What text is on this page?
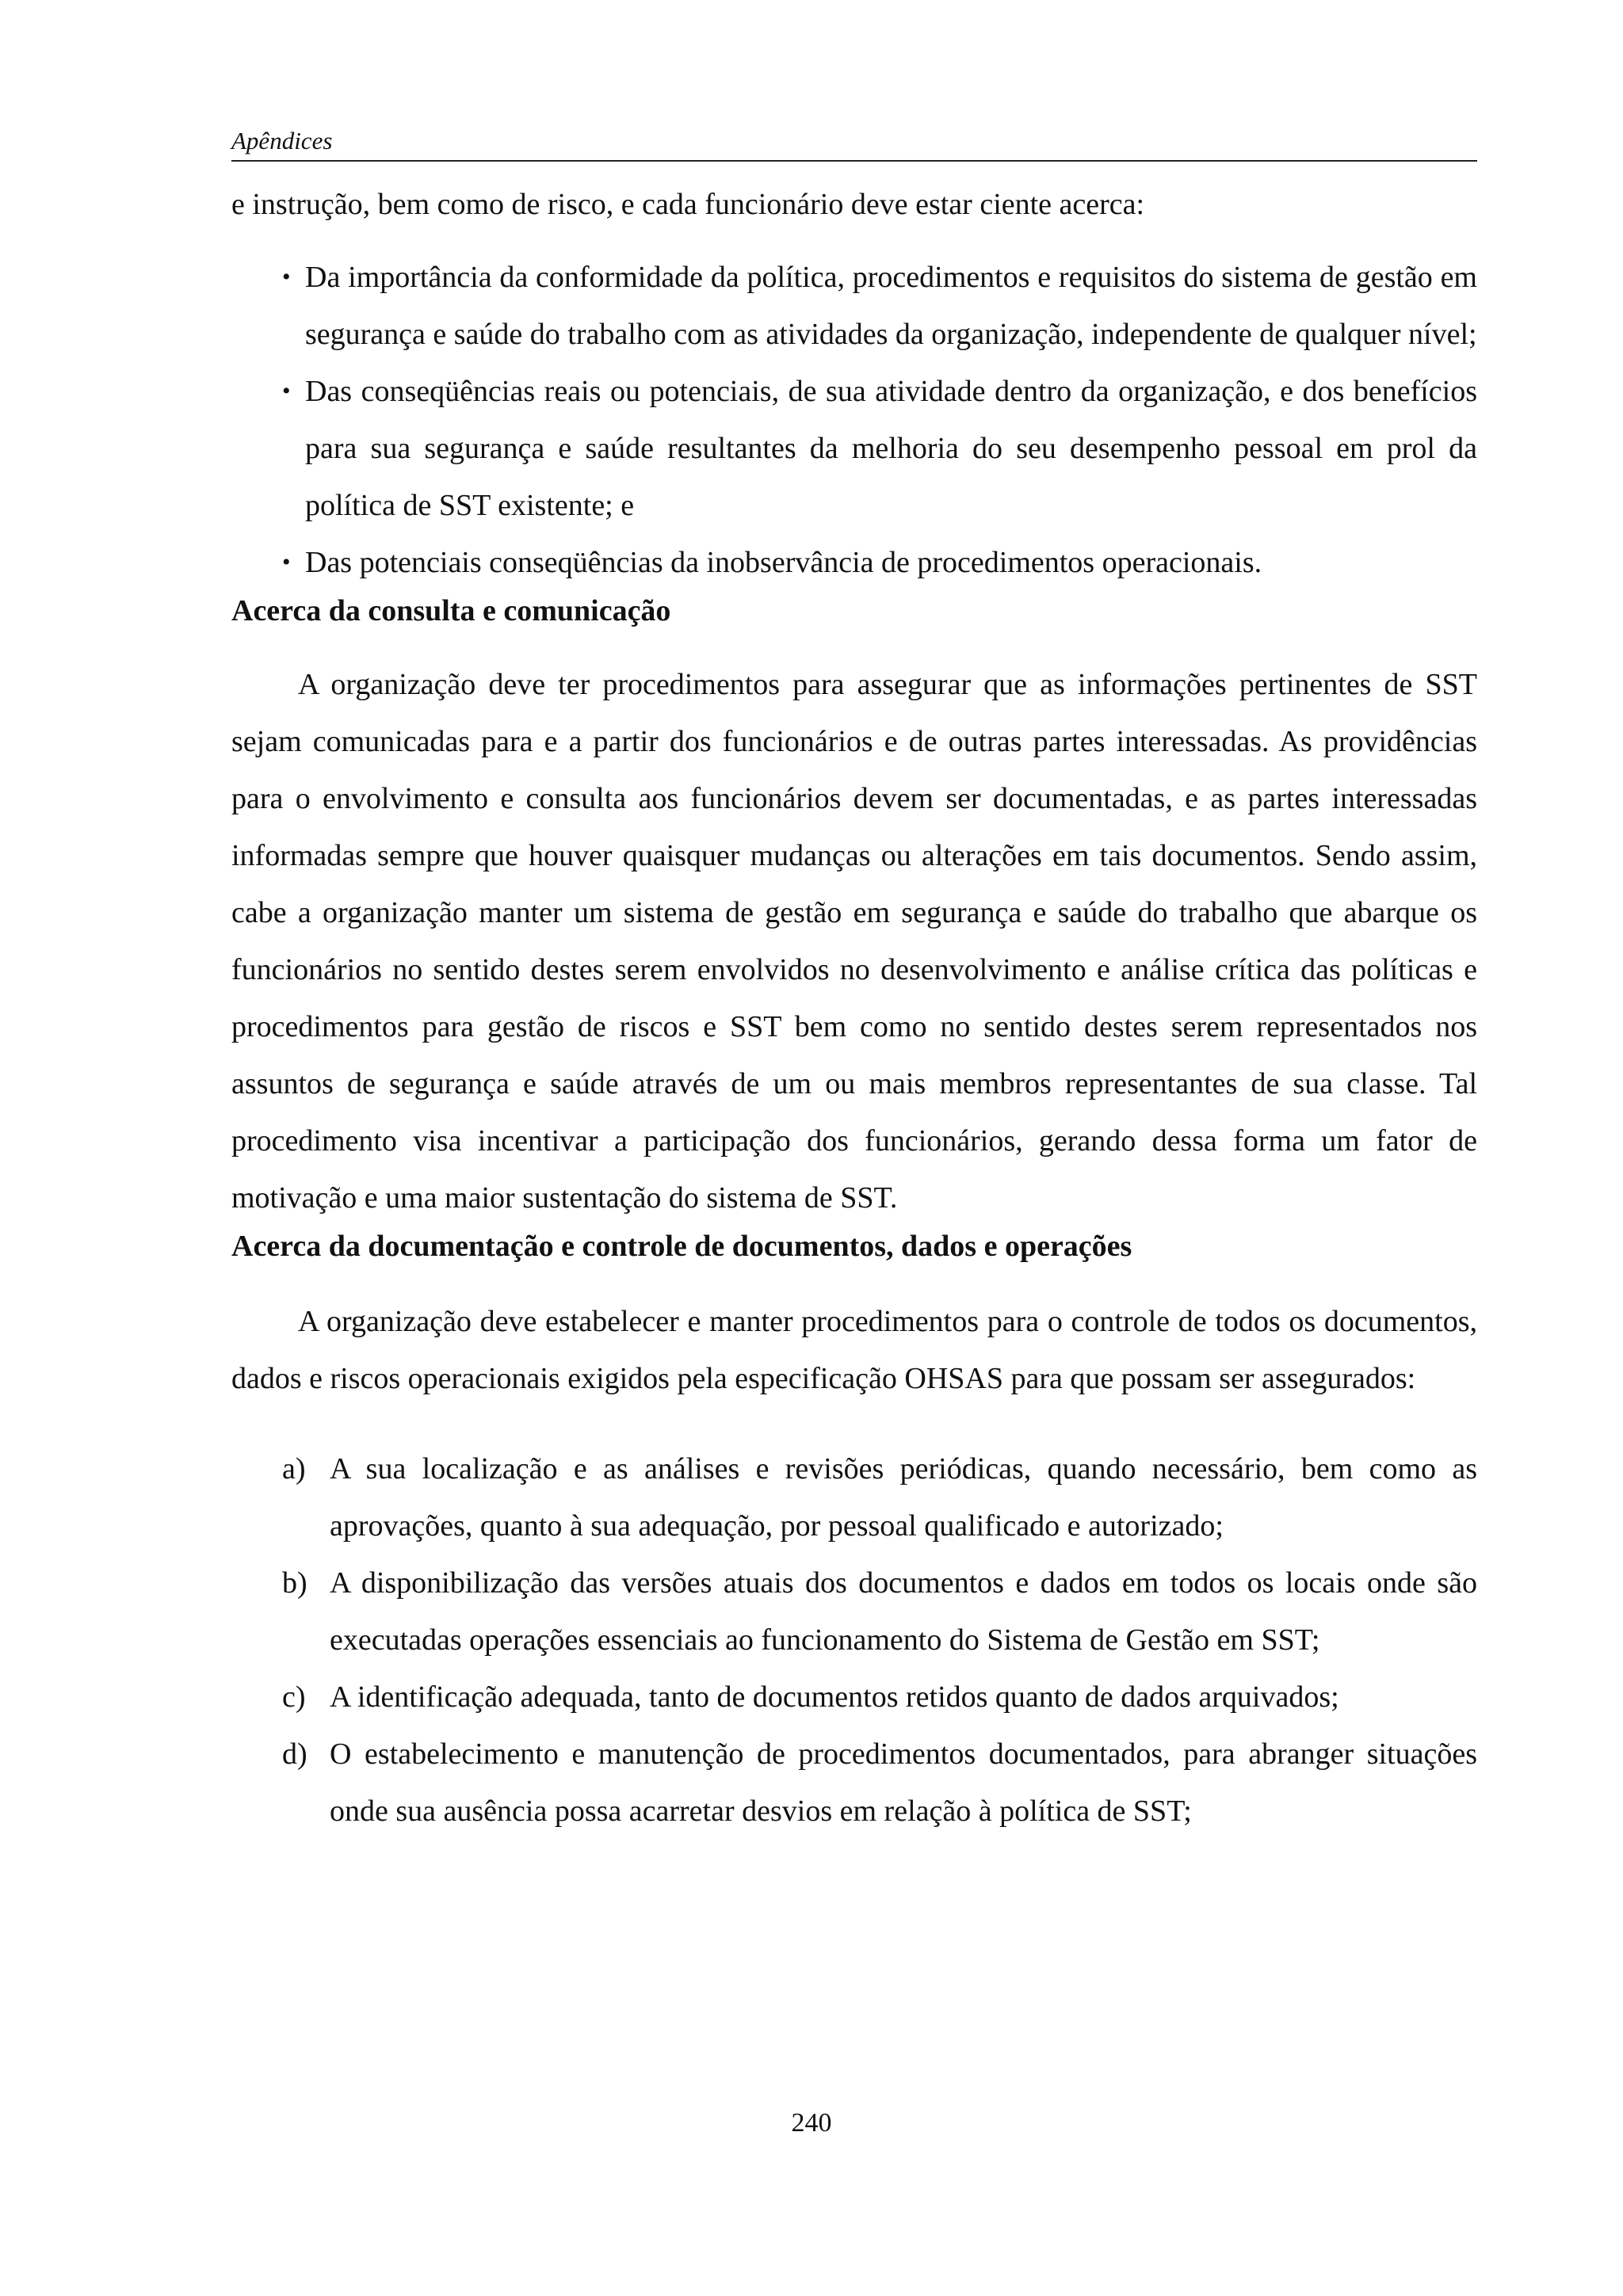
Apêndices

e instrução, bem como de risco, e cada funcionário deve estar ciente acerca:

• Da importância da conformidade da política, procedimentos e requisitos do sistema de gestão em segurança e saúde do trabalho com as atividades da organização, independente de qualquer nível;
• Das conseqüências reais ou potenciais, de sua atividade dentro da organização, e dos benefícios para sua segurança e saúde resultantes da melhoria do seu desempenho pessoal em prol da política de SST existente; e
• Das potenciais conseqüências da inobservância de procedimentos operacionais.
Acerca da consulta e comunicação

A organização deve ter procedimentos para assegurar que as informações pertinentes de SST sejam comunicadas para e a partir dos funcionários e de outras partes interessadas. As providências para o envolvimento e consulta aos funcionários devem ser documentadas, e as partes interessadas informadas sempre que houver quaisquer mudanças ou alterações em tais documentos. Sendo assim, cabe a organização manter um sistema de gestão em segurança e saúde do trabalho que abarque os funcionários no sentido destes serem envolvidos no desenvolvimento e análise crítica das políticas e procedimentos para gestão de riscos e SST bem como no sentido destes serem representados nos assuntos de segurança e saúde através de um ou mais membros representantes de sua classe. Tal procedimento visa incentivar a participação dos funcionários, gerando dessa forma um fator de motivação e uma maior sustentação do sistema de SST.

Acerca da documentação e controle de documentos, dados e operações

A organização deve estabelecer e manter procedimentos para o controle de todos os documentos, dados e riscos operacionais exigidos pela especificação OHSAS para que possam ser assegurados:

a) A sua localização e as análises e revisões periódicas, quando necessário, bem como as aprovações, quanto à sua adequação, por pessoal qualificado e autorizado;
b) A disponibilização das versões atuais dos documentos e dados em todos os locais onde são executadas operações essenciais ao funcionamento do Sistema de Gestão em SST;
c) A identificação adequada, tanto de documentos retidos quanto de dados arquivados;
d) O estabelecimento e manutenção de procedimentos documentados, para abranger situações onde sua ausência possa acarretar desvios em relação à política de SST;
240
